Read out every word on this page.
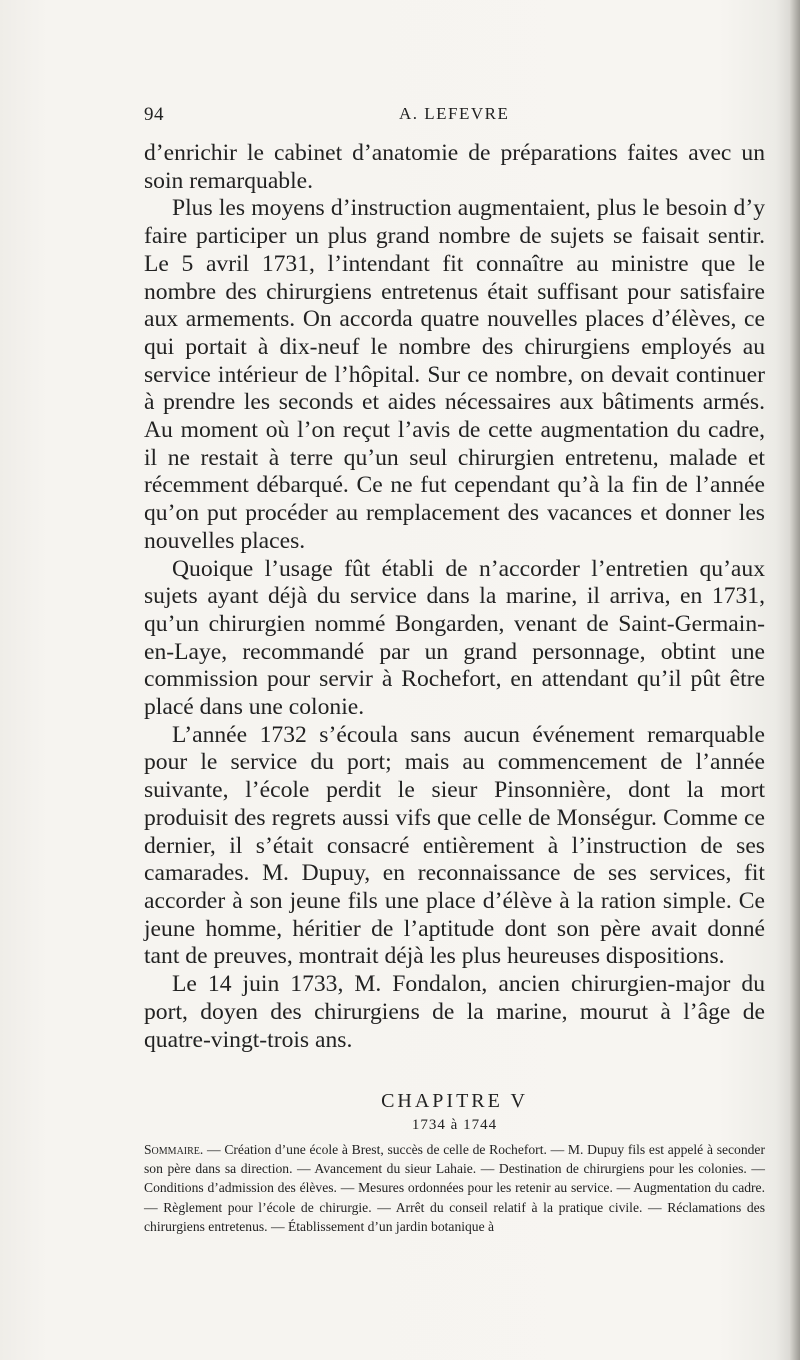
94	A. LEFEVRE

d’enrichir le cabinet d’anatomie de préparations faites avec un soin remarquable.

Plus les moyens d’instruction augmentaient, plus le besoin d’y faire participer un plus grand nombre de sujets se faisait sentir. Le 5 avril 1731, l’intendant fit connaître au ministre que le nombre des chirurgiens entretenus était suffisant pour satisfaire aux armements. On accorda quatre nouvelles places d’élèves, ce qui portait à dix-neuf le nombre des chirurgiens employés au service intérieur de l’hôpital. Sur ce nombre, on devait continuer à prendre les seconds et aides nécessaires aux bâtiments armés. Au moment où l’on reçut l’avis de cette augmentation du cadre, il ne restait à terre qu’un seul chirurgien entretenu, malade et récemment débarqué. Ce ne fut cependant qu’à la fin de l’année qu’on put procéder au remplacement des vacances et donner les nouvelles places.

Quoique l’usage fût établi de n’accorder l’entretien qu’aux sujets ayant déjà du service dans la marine, il arriva, en 1731, qu’un chirurgien nommé Bongarden, venant de Saint-Germain-en-Laye, recommandé par un grand personnage, obtint une commission pour servir à Rochefort, en attendant qu’il pût être placé dans une colonie.

L’année 1732 s’écoula sans aucun événement remarquable pour le service du port; mais au commencement de l’année suivante, l’école perdit le sieur Pinsonnière, dont la mort produisit des regrets aussi vifs que celle de Monségur. Comme ce dernier, il s’était consacré entièrement à l’instruction de ses camarades. M. Dupuy, en reconnaissance de ses services, fit accorder à son jeune fils une place d’élève à la ration simple. Ce jeune homme, héritier de l’aptitude dont son père avait donné tant de preuves, montrait déjà les plus heureuses dispositions.

Le 14 juin 1733, M. Fondalon, ancien chirurgien-major du port, doyen des chirurgiens de la marine, mourut à l’âge de quatre-vingt-trois ans.

CHAPITRE V
1734 à 1744
Sommaire. — Création d’une école à Brest, succès de celle de Rochefort. — M. Dupuy fils est appelé à seconder son père dans sa direction. — Avancement du sieur Lahaie. — Destination de chirurgiens pour les colonies. — Conditions d’admission des élèves. — Mesures ordonnées pour les retenir au service. — Augmentation du cadre. — Règlement pour l’école de chirurgie. — Arrêt du conseil relatif à la pratique civile. — Réclamations des chirurgiens entretenus. — Établissement d’un jardin botanique à
